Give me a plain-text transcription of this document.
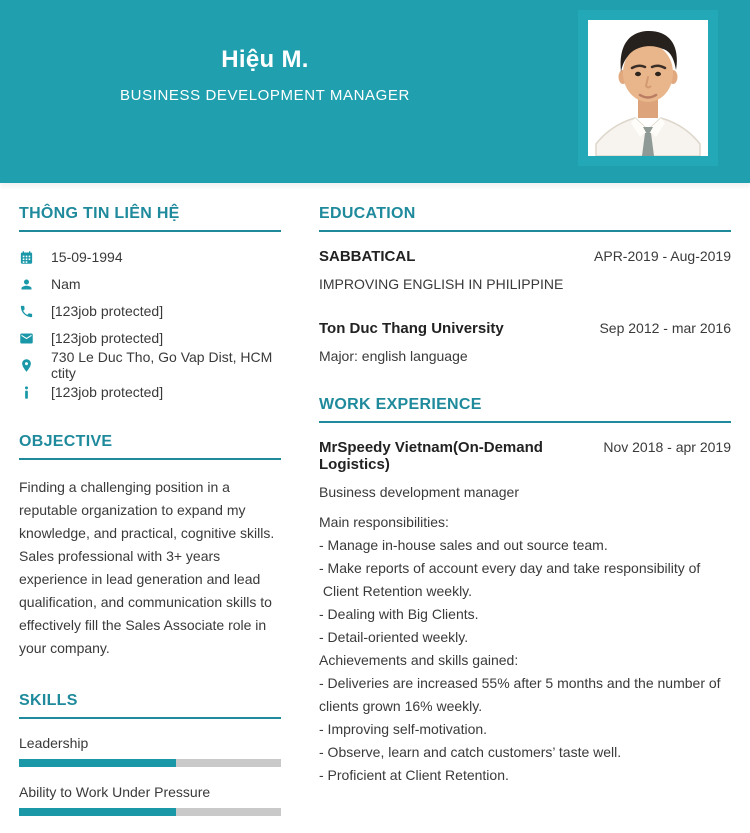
Hiệu M.
BUSINESS DEVELOPMENT MANAGER
THÔNG TIN LIÊN HỆ
15-09-1994
Nam
[123job protected]
[123job protected]
730 Le Duc Tho, Go Vap Dist, HCM ctity
[123job protected]
OBJECTIVE

Finding a challenging position in a reputable organization to expand my knowledge, and practical, cognitive skills. Sales professional with 3+ years experience in lead generation and lead qualification, and communication skills to effectively fill the Sales Associate role in your company.

SKILLS
Leadership
Ability to Work Under Pressure
EDUCATION
SABBATICAL	APR-2019 - Aug-2019
IMPROVING ENGLISH IN PHILIPPINE
Ton Duc Thang University	Sep 2012 - mar 2016
Major: english language
WORK EXPERIENCE
MrSpeedy Vietnam(On-Demand Logistics)
Nov 2018 - apr 2019
Business development manager
Main responsibilities:
- Manage in-house sales and out source team.
- Make reports of account every day and take responsibility of
Client Retention weekly.
- Dealing with Big Clients.
- Detail-oriented weekly.
Achievements and skills gained:
- Deliveries are increased 55% after 5 months and the number of
clients grown 16% weekly.
- Improving self-motivation.
- Observe, learn and catch customers’ taste well.
- Proficient at Client Retention.
